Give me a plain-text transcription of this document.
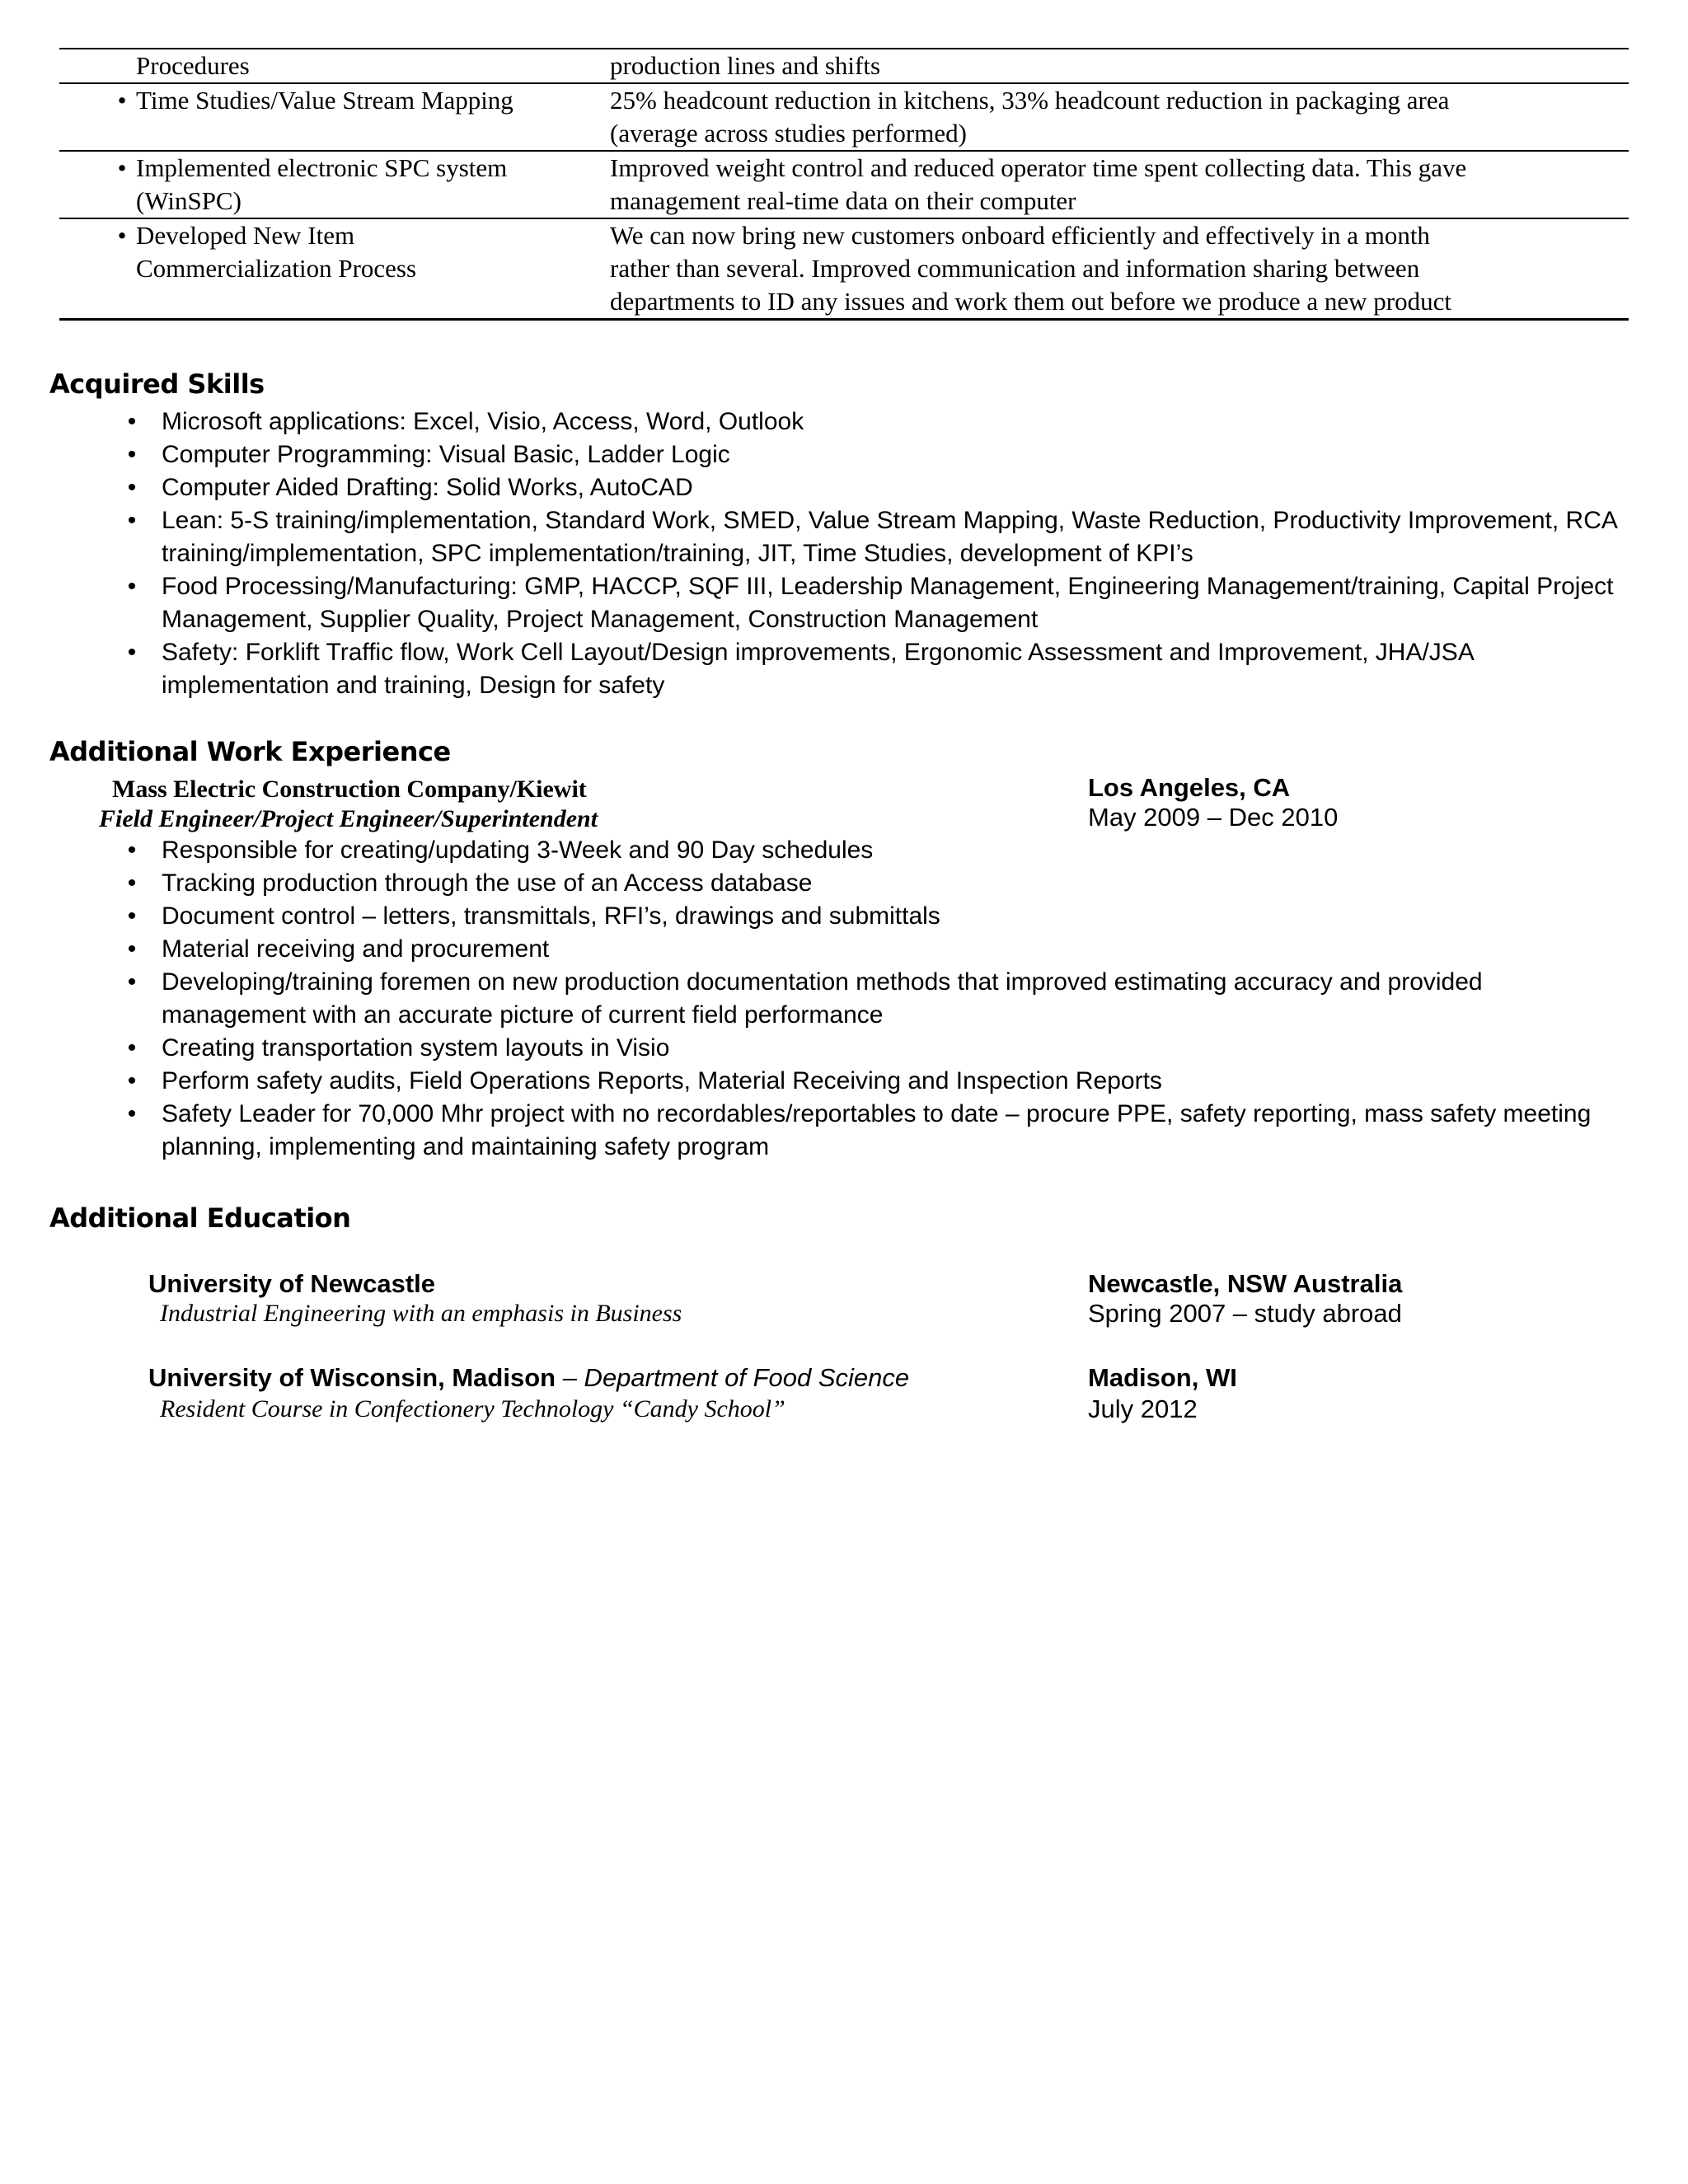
Procedures	production lines and shifts
• Time Studies/Value Stream Mapping	25% headcount reduction in kitchens, 33% headcount reduction in packaging area
(average across studies performed)
• Implemented electronic SPC system
(WinSPC)
Improved weight control and reduced operator time spent collecting data. This gave
management real-time data on their computer
• Developed New Item
Commercialization Process
We can now bring new customers onboard efficiently and effectively in a month
rather than several. Improved communication and information sharing between
departments to ID any issues and work them out before we produce a new product
Acquired Skills
• Microsoft applications: Excel, Visio, Access, Word, Outlook
• Computer Programming: Visual Basic, Ladder Logic
• Computer Aided Drafting: Solid Works, AutoCAD
• Lean: 5-S training/implementation, Standard Work, SMED, Value Stream Mapping, Waste Reduction, Productivity Improvement, RCA training/implementation, SPC implementation/training, JIT, Time Studies, development of KPI’s
• Food Processing/Manufacturing: GMP, HACCP, SQF III, Leadership Management, Engineering Management/training, Capital Project Management, Supplier Quality, Project Management, Construction Management
• Safety: Forklift Traffic flow, Work Cell Layout/Design improvements, Ergonomic Assessment and Improvement, JHA/JSA implementation and training, Design for safety
Additional Work Experience
Mass Electric Construction Company/Kiewit
Field Engineer/Project Engineer/Superintendent
Los Angeles, CA
May 2009 – Dec 2010
• Responsible for creating/updating 3-Week and 90 Day schedules
• Tracking production through the use of an Access database
• Document control – letters, transmittals, RFI’s, drawings and submittals
• Material receiving and procurement
• Developing/training foremen on new production documentation methods that improved estimating accuracy and provided management with an accurate picture of current field performance
• Creating transportation system layouts in Visio
• Perform safety audits, Field Operations Reports, Material Receiving and Inspection Reports
• Safety Leader for 70,000 Mhr project with no recordables/reportables to date – procure PPE, safety reporting, mass safety meeting planning, implementing and maintaining safety program
Additional Education
University of Newcastle
Industrial Engineering with an emphasis in Business
Newcastle, NSW Australia
Spring 2007 – study abroad
University of Wisconsin, Madison – Department of Food Science
Resident Course in Confectionery Technology “Candy School”
Madison, WI
July 2012
